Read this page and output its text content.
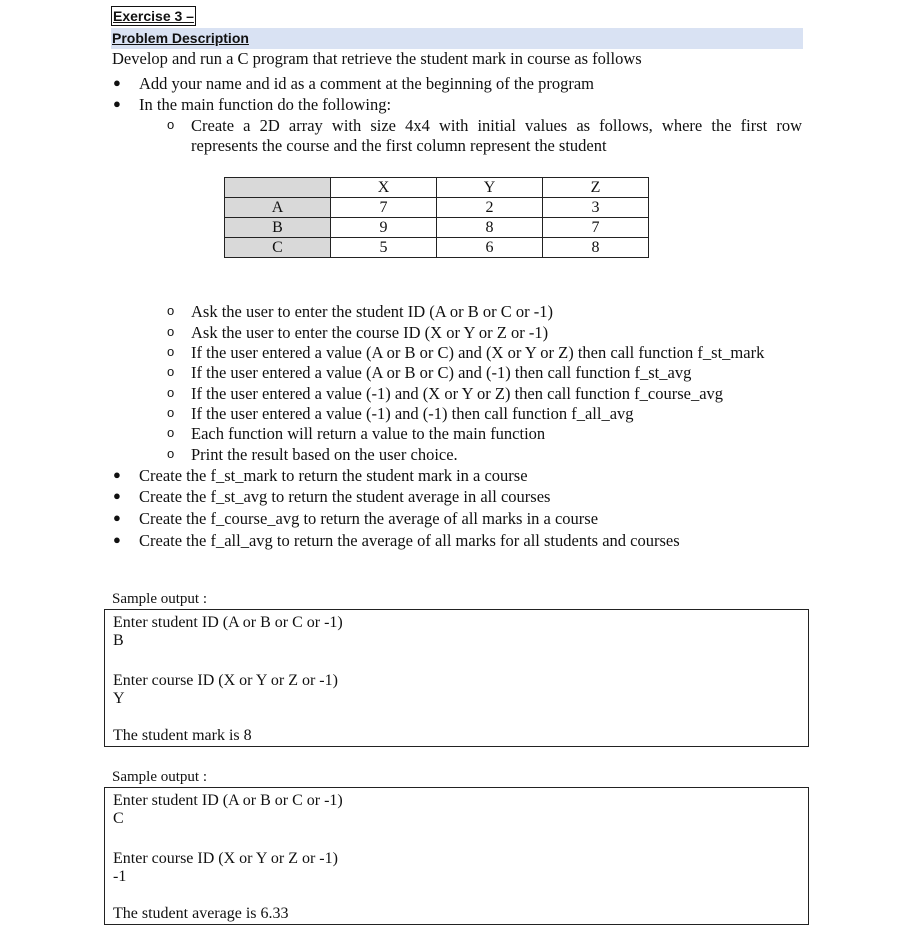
Exercise 3 –
Problem Description
Develop and run a C program that retrieve the student mark in course as follows
● Add your name and id as a comment at the beginning of the program
● In the main function do the following:
o Create a 2D array with size 4x4 with initial values as follows, where the first row
represents the course and the first column represent the student
	X	Y	Z
A	7	2	3
B	9	8	7
C	5	6	8
o Ask the user to enter the student ID (A or B or C or -1)
o Ask the user to enter the course ID (X or Y or Z or -1)
o If the user entered a value (A or B or C) and (X or Y or Z) then call function f_st_mark
o If the user entered a value (A or B or C) and (-1) then call function f_st_avg
o If the user entered a value (-1) and (X or Y or Z) then call function f_course_avg
o If the user entered a value (-1) and (-1) then call function f_all_avg
o Each function will return a value to the main function
o Print the result based on the user choice.
● Create the f_st_mark to return the student mark in a course
● Create the f_st_avg to return the student average in all courses
● Create the f_course_avg to return the average of all marks in a course
● Create the f_all_avg to return the average of all marks for all students and courses
Sample output :
Enter student ID (A or B or C or -1)
B
Enter course ID (X or Y or Z or -1)
Y
The student mark is 8
Sample output :
Enter student ID (A or B or C or -1)
C
Enter course ID (X or Y or Z or -1)
-1
The student average is 6.33
